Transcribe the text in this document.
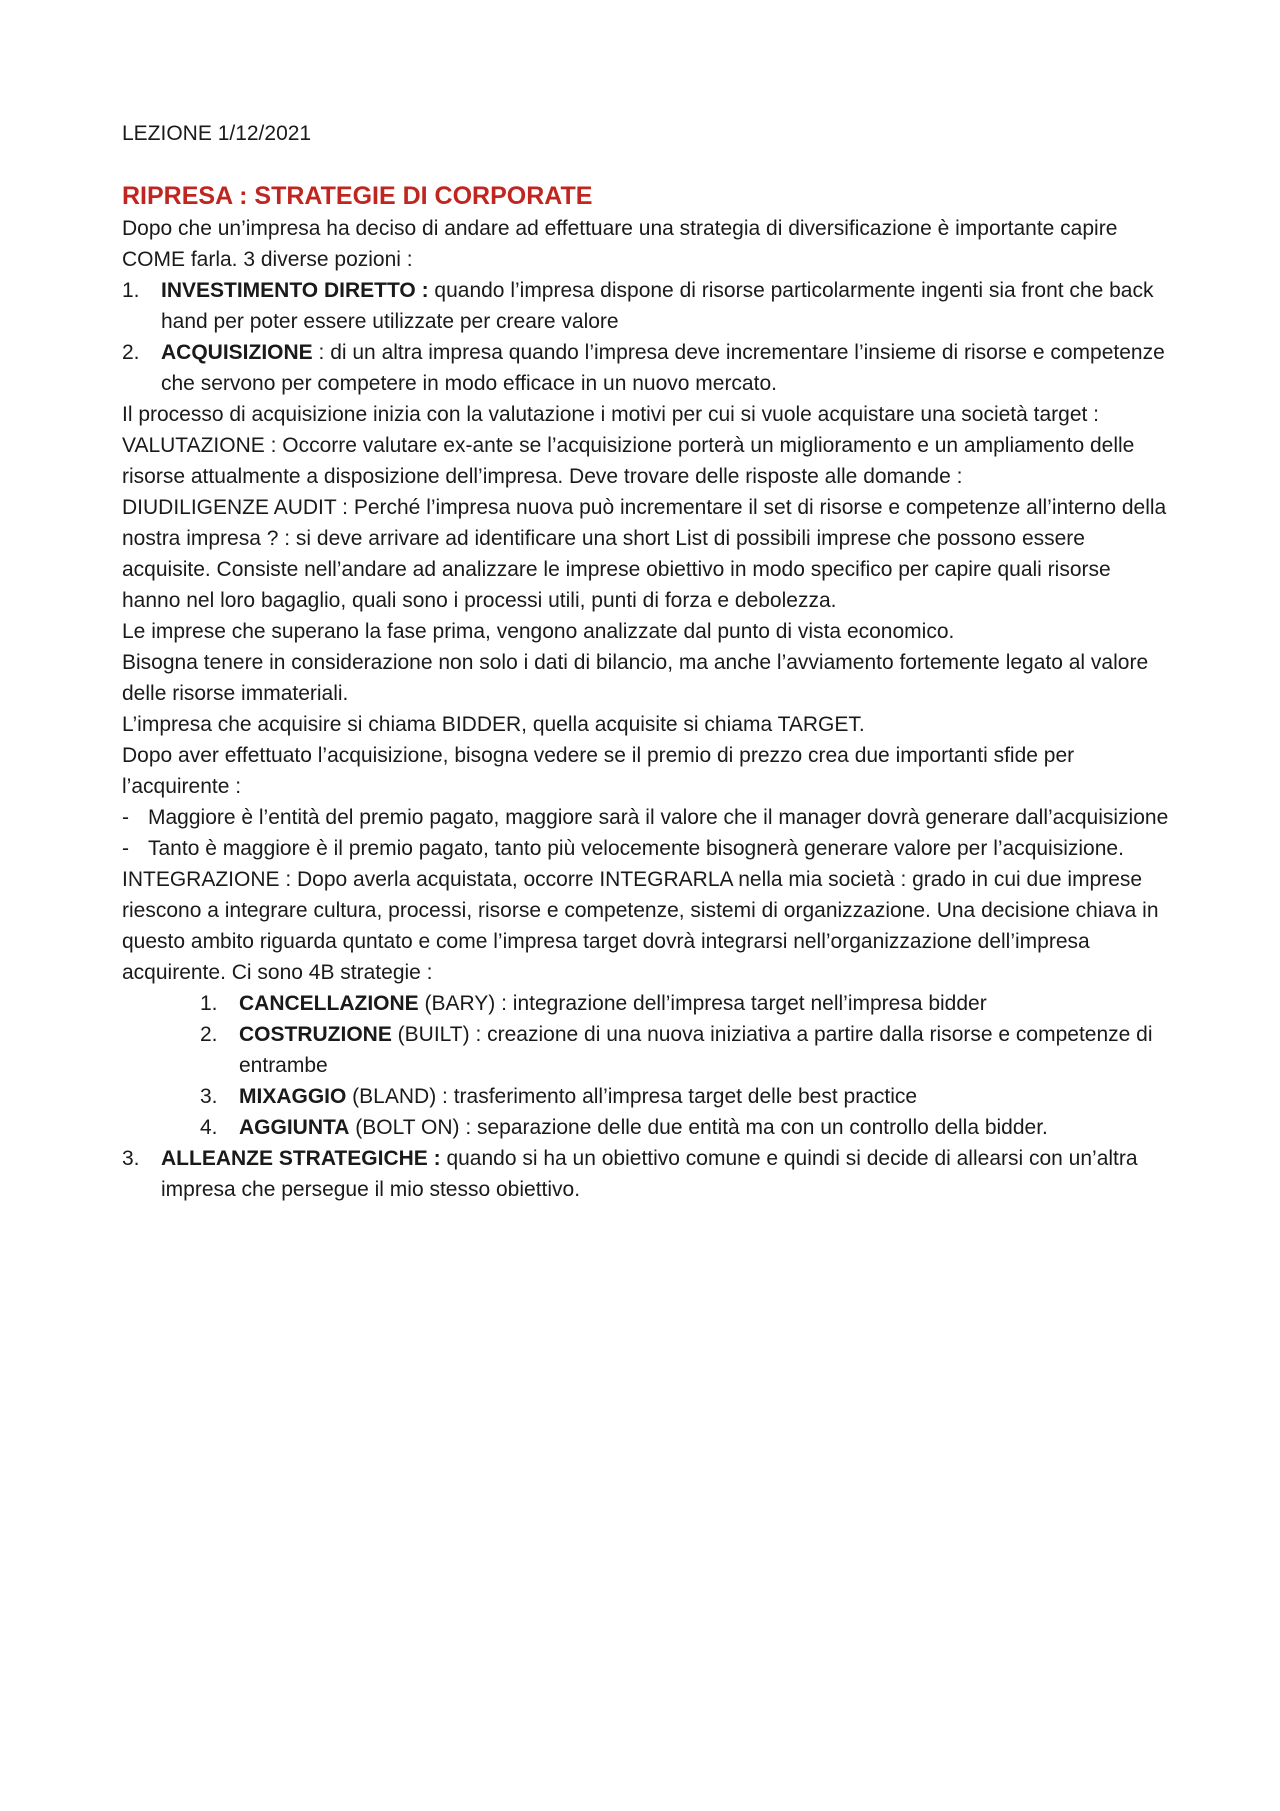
LEZIONE 1/12/2021

RIPRESA : STRATEGIE DI CORPORATE

Dopo che un’impresa ha deciso di andare ad effettuare una strategia di diversificazione è importante capire COME farla. 3 diverse pozioni :

1. INVESTIMENTO DIRETTO : quando l’impresa dispone di risorse particolarmente ingenti sia front che back hand per poter essere utilizzate per creare valore
2. ACQUISIZIONE : di un altra impresa quando l’impresa deve incrementare l’insieme di risorse e competenze che servono per competere in modo efficace in un nuovo mercato.

Il processo di acquisizione inizia con la valutazione i motivi per cui si vuole acquistare una società target :

VALUTAZIONE : Occorre valutare ex-ante se l’acquisizione porterà un miglioramento e un ampliamento delle risorse attualmente a disposizione dell’impresa. Deve trovare delle risposte alle domande :

DIUDILIGENZE AUDIT : Perché l’impresa nuova può incrementare il set di risorse e competenze all’interno della nostra impresa ? : si deve arrivare ad identificare una short List di possibili imprese che possono essere acquisite. Consiste nell’andare ad analizzare le imprese obiettivo in modo specifico per capire quali risorse hanno nel loro bagaglio, quali sono i processi utili, punti di forza e debolezza.

Le imprese che superano la fase prima, vengono analizzate dal punto di vista economico.

Bisogna tenere in considerazione non solo i dati di bilancio, ma anche l’avviamento fortemente legato al valore delle risorse immateriali.

L’impresa che acquisire si chiama BIDDER, quella acquisite si chiama TARGET.

Dopo aver effettuato l’acquisizione, bisogna vedere se il premio di prezzo crea due importanti sfide per l’acquirente :

- Maggiore è l’entità del premio pagato, maggiore sarà il valore che il manager dovrà generare dall’acquisizione
- Tanto è maggiore è il premio pagato, tanto più velocemente bisognerà generare valore per l’acquisizione.

INTEGRAZIONE : Dopo averla acquistata, occorre INTEGRARLA nella mia società : grado in cui due imprese riescono a integrare cultura, processi, risorse e competenze, sistemi di organizzazione. Una decisione chiava in questo ambito riguarda quntato e come l’impresa target dovrà integrarsi nell’organizzazione dell’impresa acquirente. Ci sono 4B strategie :

1. CANCELLAZIONE (BARY) : integrazione dell’impresa target nell’impresa bidder
2. COSTRUZIONE (BUILT) : creazione di una nuova iniziativa a partire dalla risorse e competenze di entrambe
3. MIXAGGIO (BLAND) : trasferimento all’impresa target delle best practice
4. AGGIUNTA (BOLT ON) : separazione delle due entità ma con un controllo della bidder.
3. ALLEANZE STRATEGICHE : quando si ha un obiettivo comune e quindi si decide di allearsi con un’altra impresa che persegue il mio stesso obiettivo.
